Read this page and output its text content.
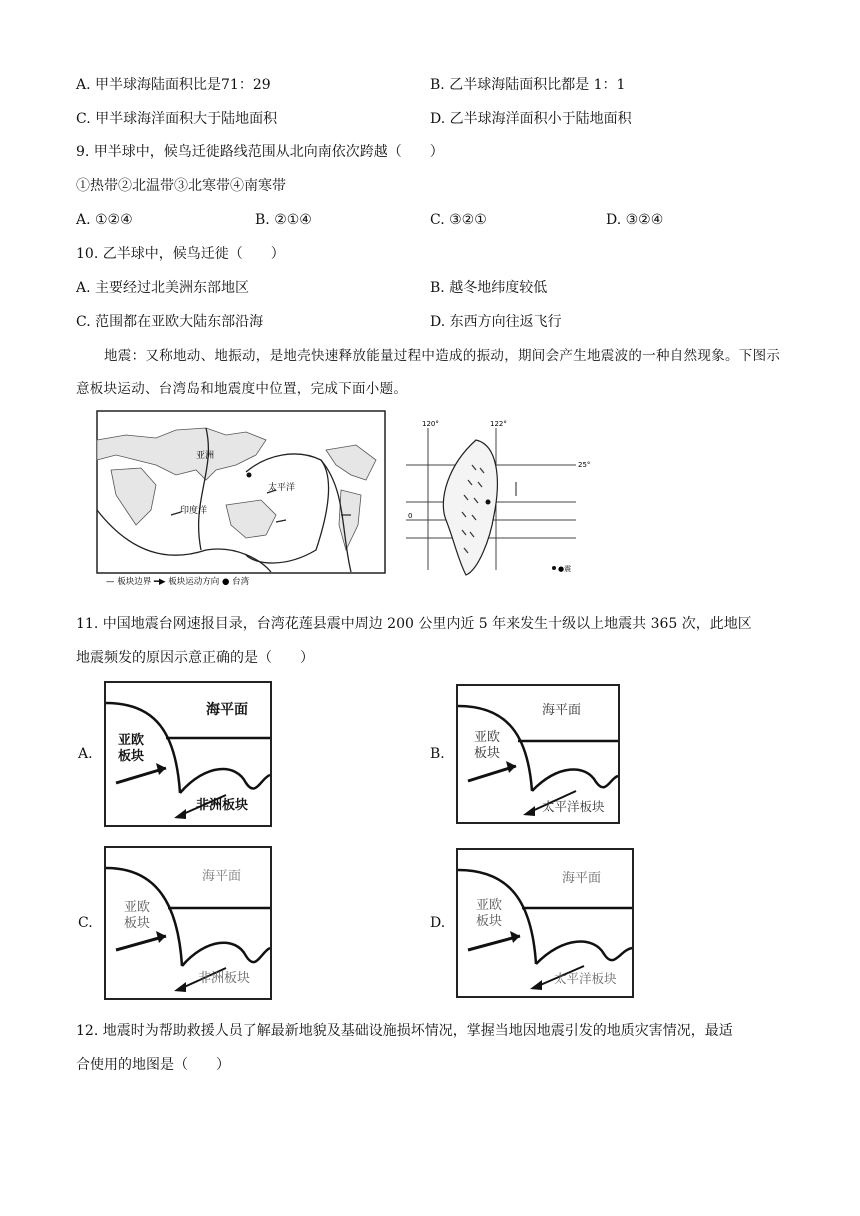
A. 甲半球海陆面积比是71：29	B. 乙半球海陆面积比都是 1：1
C. 甲半球海洋面积大于陆地面积	D. 乙半球海洋面积小于陆地面积
9. 甲半球中，候鸟迁徙路线范围从北向南依次跨越（　　）
①热带②北温带③北寒带④南寒带
A. ①②④	B. ②①④	C. ③②①	D. ③②④
10. 乙半球中，候鸟迁徙（　　）
A. 主要经过北美洲东部地区	B. 越冬地纬度较低
C. 范围都在亚欧大陆东部沿海	D. 东西方向往返飞行
地震：又称地动、地振动，是地壳快速释放能量过程中造成的振动，期间会产生地震波的一种自然现象。下图示意板块运动、台湾岛和地震度中位置，完成下面小题。
亚洲
印度洋
太平洋
— 板块边界 ━▶ 板块运动方向 ● 台湾
120°	122°
25°
0
●震
11. 中国地震台网速报目录，台湾花莲县震中周边 200 公里内近 5 年来发生十级以上地震共 365 次，此地区
地震频发的原因示意正确的是（　　）
A.
海平面
亚欧
板块
非洲板块
B.
海平面
亚欧
板块
太平洋板块
C.
海平面
亚欧
板块
非洲板块
D.
海平面
亚欧
板块
太平洋板块
12. 地震时为帮助救援人员了解最新地貌及基础设施损坏情况，掌握当地因地震引发的地质灾害情况，最适
合使用的地图是（　　）
